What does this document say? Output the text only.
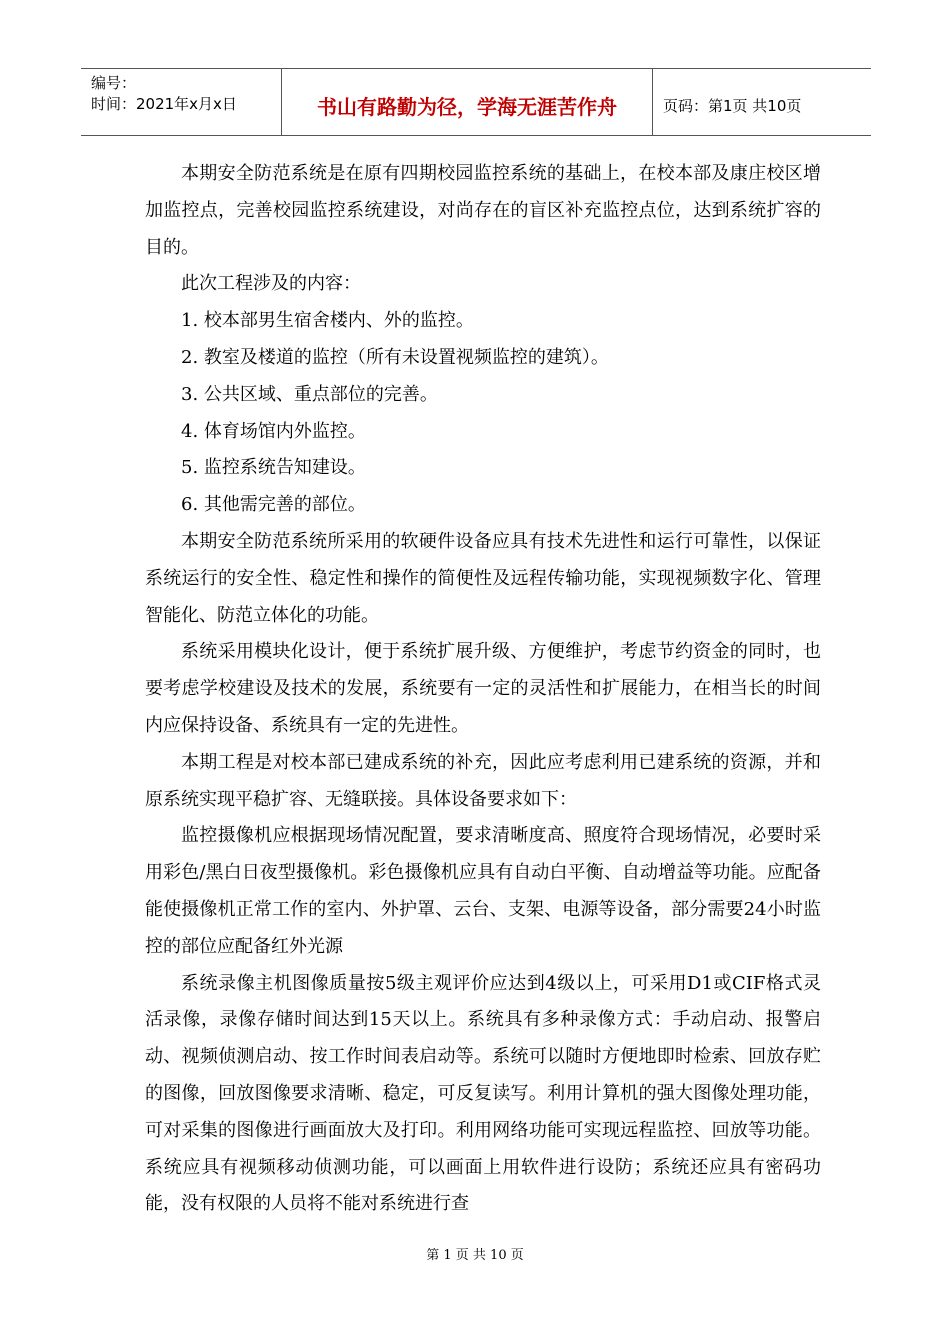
编号：
时间：2021年x月x日	书山有路勤为径，学海无涯苦作舟	页码：第1页 共10页

本期安全防范系统是在原有四期校园监控系统的基础上，在校本部及康庄校区增加监控点，完善校园监控系统建设，对尚存在的盲区补充监控点位，达到系统扩容的目的。

此次工程涉及的内容：

1. 校本部男生宿舍楼内、外的监控。

2. 教室及楼道的监控（所有未设置视频监控的建筑）。

3. 公共区域、重点部位的完善。

4. 体育场馆内外监控。

5. 监控系统告知建设。

6. 其他需完善的部位。

本期安全防范系统所采用的软硬件设备应具有技术先进性和运行可靠性，以保证系统运行的安全性、稳定性和操作的简便性及远程传输功能，实现视频数字化、管理智能化、防范立体化的功能。

系统采用模块化设计，便于系统扩展升级、方便维护，考虑节约资金的同时，也要考虑学校建设及技术的发展，系统要有一定的灵活性和扩展能力，在相当长的时间内应保持设备、系统具有一定的先进性。

本期工程是对校本部已建成系统的补充，因此应考虑利用已建系统的资源，并和原系统实现平稳扩容、无缝联接。具体设备要求如下：

监控摄像机应根据现场情况配置，要求清晰度高、照度符合现场情况，必要时采用彩色/黑白日夜型摄像机。彩色摄像机应具有自动白平衡、自动增益等功能。应配备能使摄像机正常工作的室内、外护罩、云台、支架、电源等设备，部分需要24小时监控的部位应配备红外光源

系统录像主机图像质量按5级主观评价应达到4级以上，可采用D1或CIF格式灵活录像，录像存储时间达到15天以上。系统具有多种录像方式：手动启动、报警启动、视频侦测启动、按工作时间表启动等。系统可以随时方便地即时检索、回放存贮的图像，回放图像要求清晰、稳定，可反复读写。利用计算机的强大图像处理功能，可对采集的图像进行画面放大及打印。利用网络功能可实现远程监控、回放等功能。系统应具有视频移动侦测功能，可以画面上用软件进行设防；系统还应具有密码功能，没有权限的人员将不能对系统进行查

第 1 页 共 10 页
